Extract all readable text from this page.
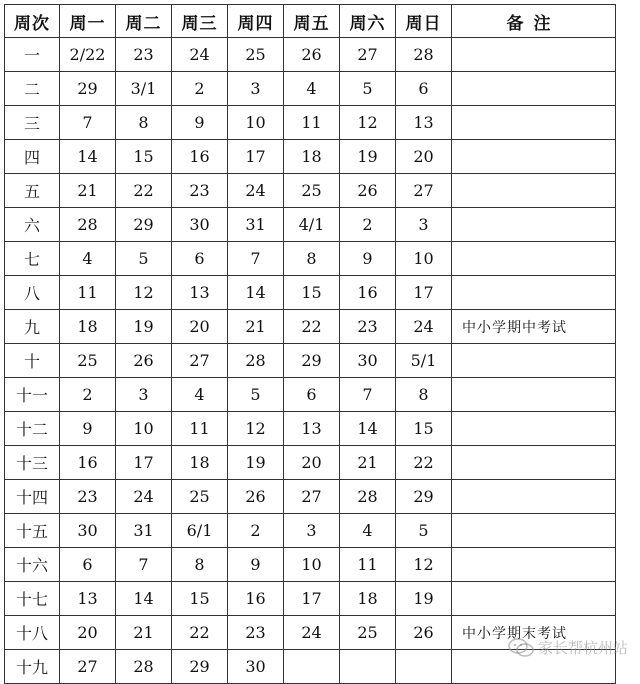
周次	周一	周二	周三	周四	周五	周六	周日	备注
一	2/22	23	24	25	26	27	28	
二	29	3/1	2	3	4	5	6	
三	7	8	9	10	11	12	13	
四	14	15	16	17	18	19	20	
五	21	22	23	24	25	26	27	
六	28	29	30	31	4/1	2	3	
七	4	5	6	7	8	9	10	
八	11	12	13	14	15	16	17	
九	18	19	20	21	22	23	24	中小学期中考试
十	25	26	27	28	29	30	5/1	
十一	2	3	4	5	6	7	8	
十二	9	10	11	12	13	14	15	
十三	16	17	18	19	20	21	22	
十四	23	24	25	26	27	28	29	
十五	30	31	6/1	2	3	4	5	
十六	6	7	8	9	10	11	12	
十七	13	14	15	16	17	18	19	
十八	20	21	22	23	24	25	26	中小学期末考试
十九	27	28	29	30				
家长帮杭州站
